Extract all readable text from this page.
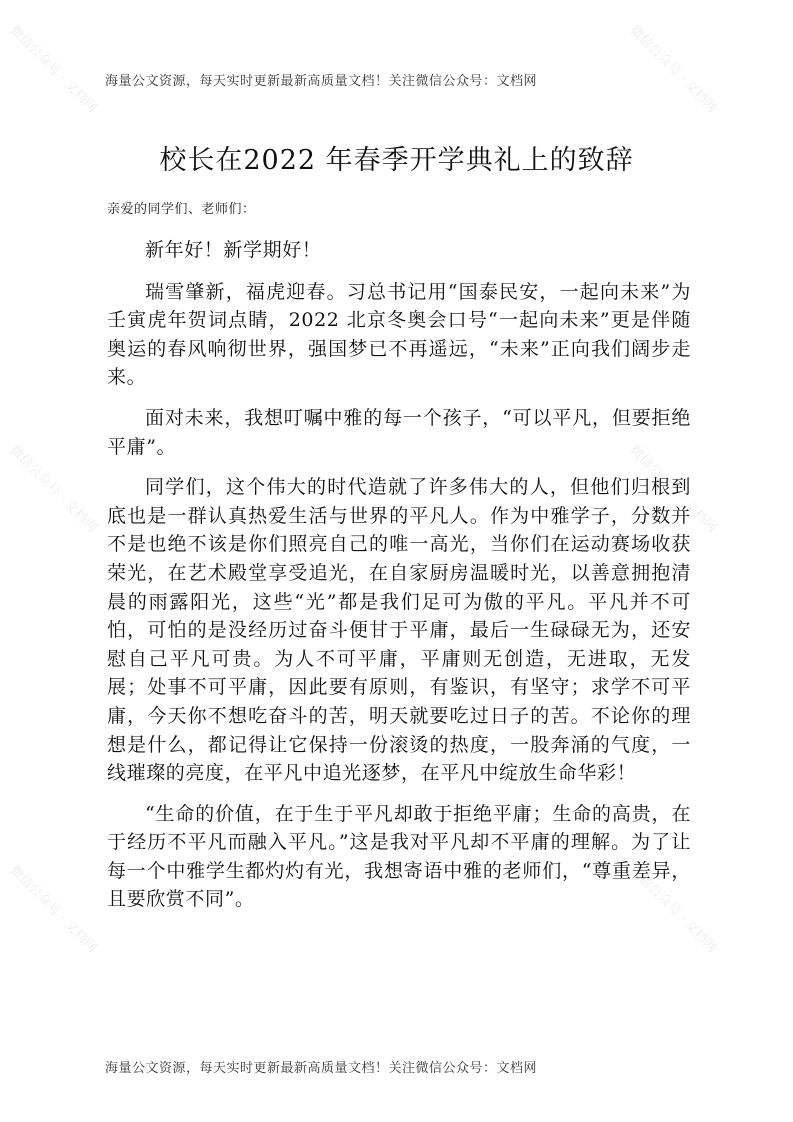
微信公众号 · 文档网	微信公众号 · 文档网
微信公众号 · 文档网	微信公众号 · 文档网
微信公众号 · 文档网	微信公众号 · 文档网
海量公文资源，每天实时更新最新高质量文档！关注微信公众号：文档网
校长在2022 年春季开学典礼上的致辞
亲爱的同学们、老师们：

新年好！新学期好！

瑞雪肇新，福虎迎春。习总书记用“国泰民安，一起向未来”为壬寅虎年贺词点睛，2022 北京冬奥会口号“一起向未来”更是伴随奥运的春风响彻世界，强国梦已不再遥远，“未来”正向我们阔步走来。

面对未来，我想叮嘱中雅的每一个孩子，“可以平凡，但要拒绝平庸”。

同学们，这个伟大的时代造就了许多伟大的人，但他们归根到底也是一群认真热爱生活与世界的平凡人。作为中雅学子，分数并不是也绝不该是你们照亮自己的唯一高光，当你们在运动赛场收获荣光，在艺术殿堂享受追光，在自家厨房温暖时光，以善意拥抱清晨的雨露阳光，这些“光”都是我们足可为傲的平凡。平凡并不可怕，可怕的是没经历过奋斗便甘于平庸，最后一生碌碌无为，还安慰自己平凡可贵。为人不可平庸，平庸则无创造，无进取，无发展；处事不可平庸，因此要有原则，有鉴识，有坚守；求学不可平庸，今天你不想吃奋斗的苦，明天就要吃过日子的苦。不论你的理想是什么，都记得让它保持一份滚烫的热度，一股奔涌的气度，一线璀璨的亮度，在平凡中追光逐梦，在平凡中绽放生命华彩！

“生命的价值，在于生于平凡却敢于拒绝平庸；生命的高贵，在于经历不平凡而融入平凡。”这是我对平凡却不平庸的理解。为了让每一个中雅学生都灼灼有光，我想寄语中雅的老师们，“尊重差异，且要欣赏不同”。

海量公文资源，每天实时更新最新高质量文档！关注微信公众号：文档网
